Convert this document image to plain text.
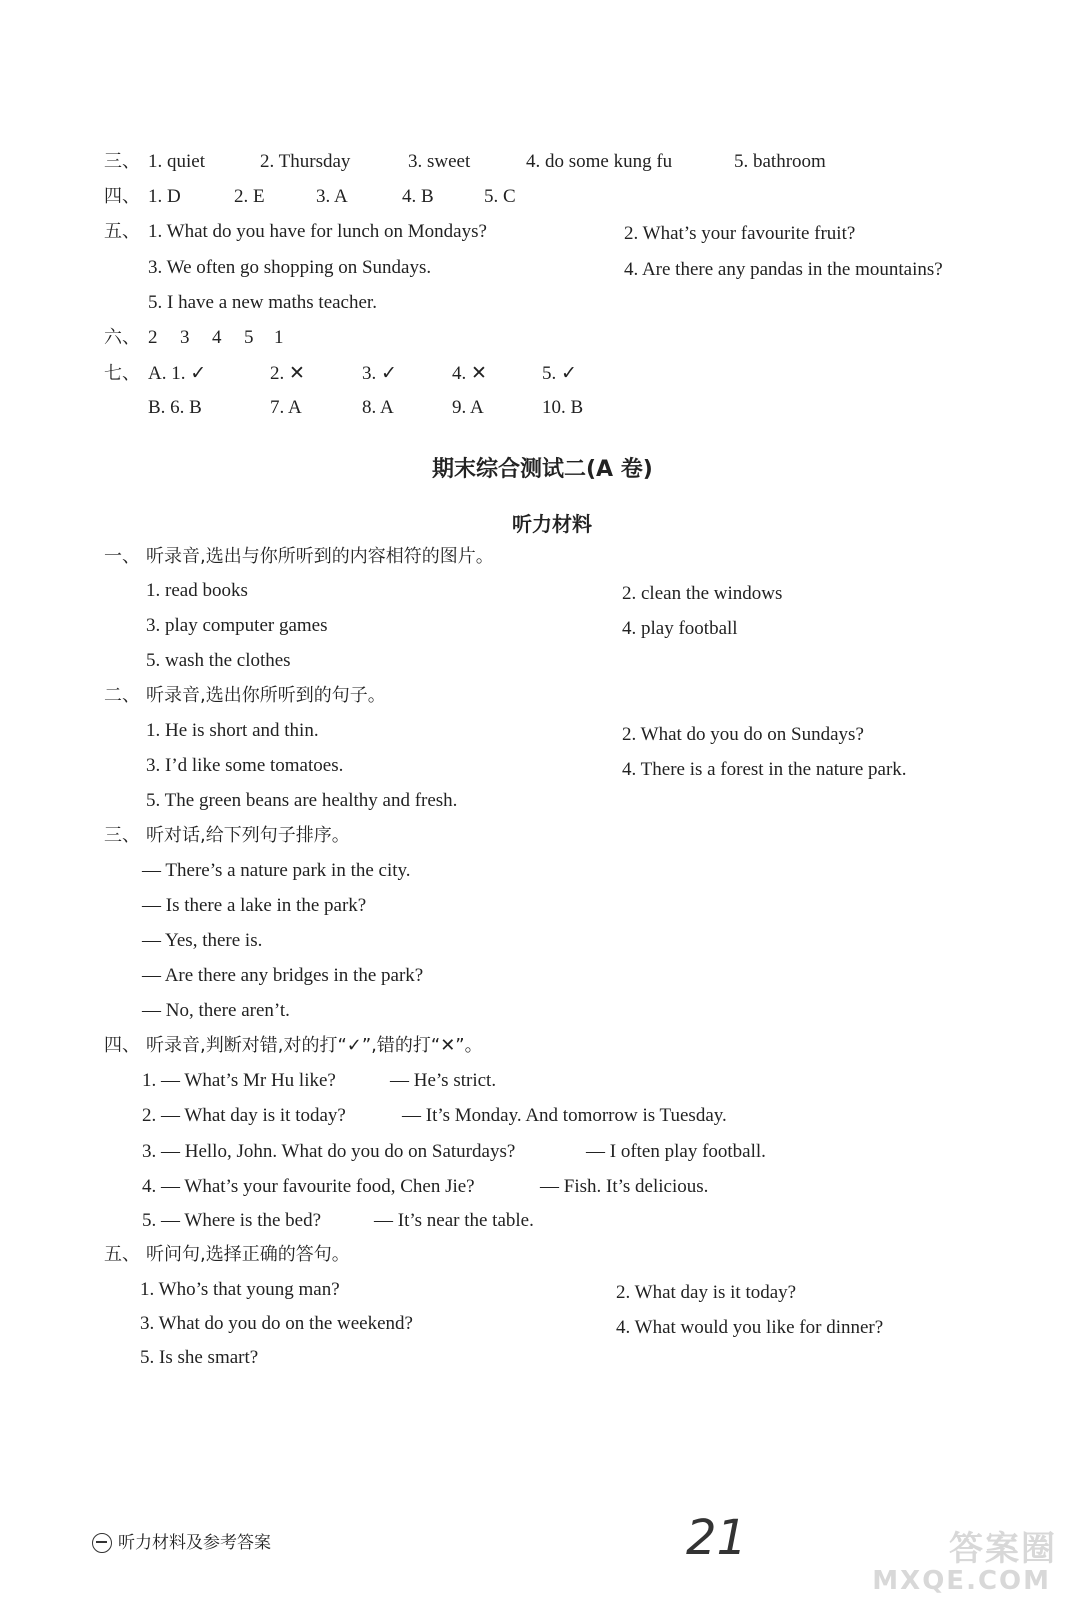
三、 1. quiet	2. Thursday	3. sweet	4. do some kung fu	5. bathroom
四、 1. D	2. E	3. A	4. B	5. C
五、 1. What do you have for lunch on Mondays?	2. What’s your favourite fruit?
3. We often go shopping on Sundays.	4. Are there any pandas in the mountains?
5. I have a new maths teacher.
六、 2 3 4 5 1
七、 A. 1. ✓	2. ✕	3. ✓	4. ✕	5. ✓
B. 6. B	7. A	8. A	9. A	10. B
期末综合测试二(A 卷)
听力材料
一、 听录音,选出与你所听到的内容相符的图片。
1. read books	2. clean the windows
3. play computer games	4. play football
5. wash the clothes
二、 听录音,选出你所听到的句子。
1. He is short and thin.	2. What do you do on Sundays?
3. I’d like some tomatoes.	4. There is a forest in the nature park.
5. The green beans are healthy and fresh.
三、 听对话,给下列句子排序。
— There’s a nature park in the city.
— Is there a lake in the park?
— Yes, there is.
— Are there any bridges in the park?
— No, there aren’t.
四、 听录音,判断对错,对的打“✓”,错的打“✕”。
1. — What’s Mr Hu like?	— He’s strict.
2. — What day is it today?	— It’s Monday. And tomorrow is Tuesday.
3. — Hello, John. What do you do on Saturdays?	— I often play football.
4. — What’s your favourite food, Chen Jie?	— Fish. It’s delicious.
5. — Where is the bed?	— It’s near the table.
五、 听问句,选择正确的答句。
1. Who’s that young man?	2. What day is it today?
3. What do you do on the weekend?	4. What would you like for dinner?
5. Is she smart?
听力材料及参考答案	21	答案圈
MXQE.COM
